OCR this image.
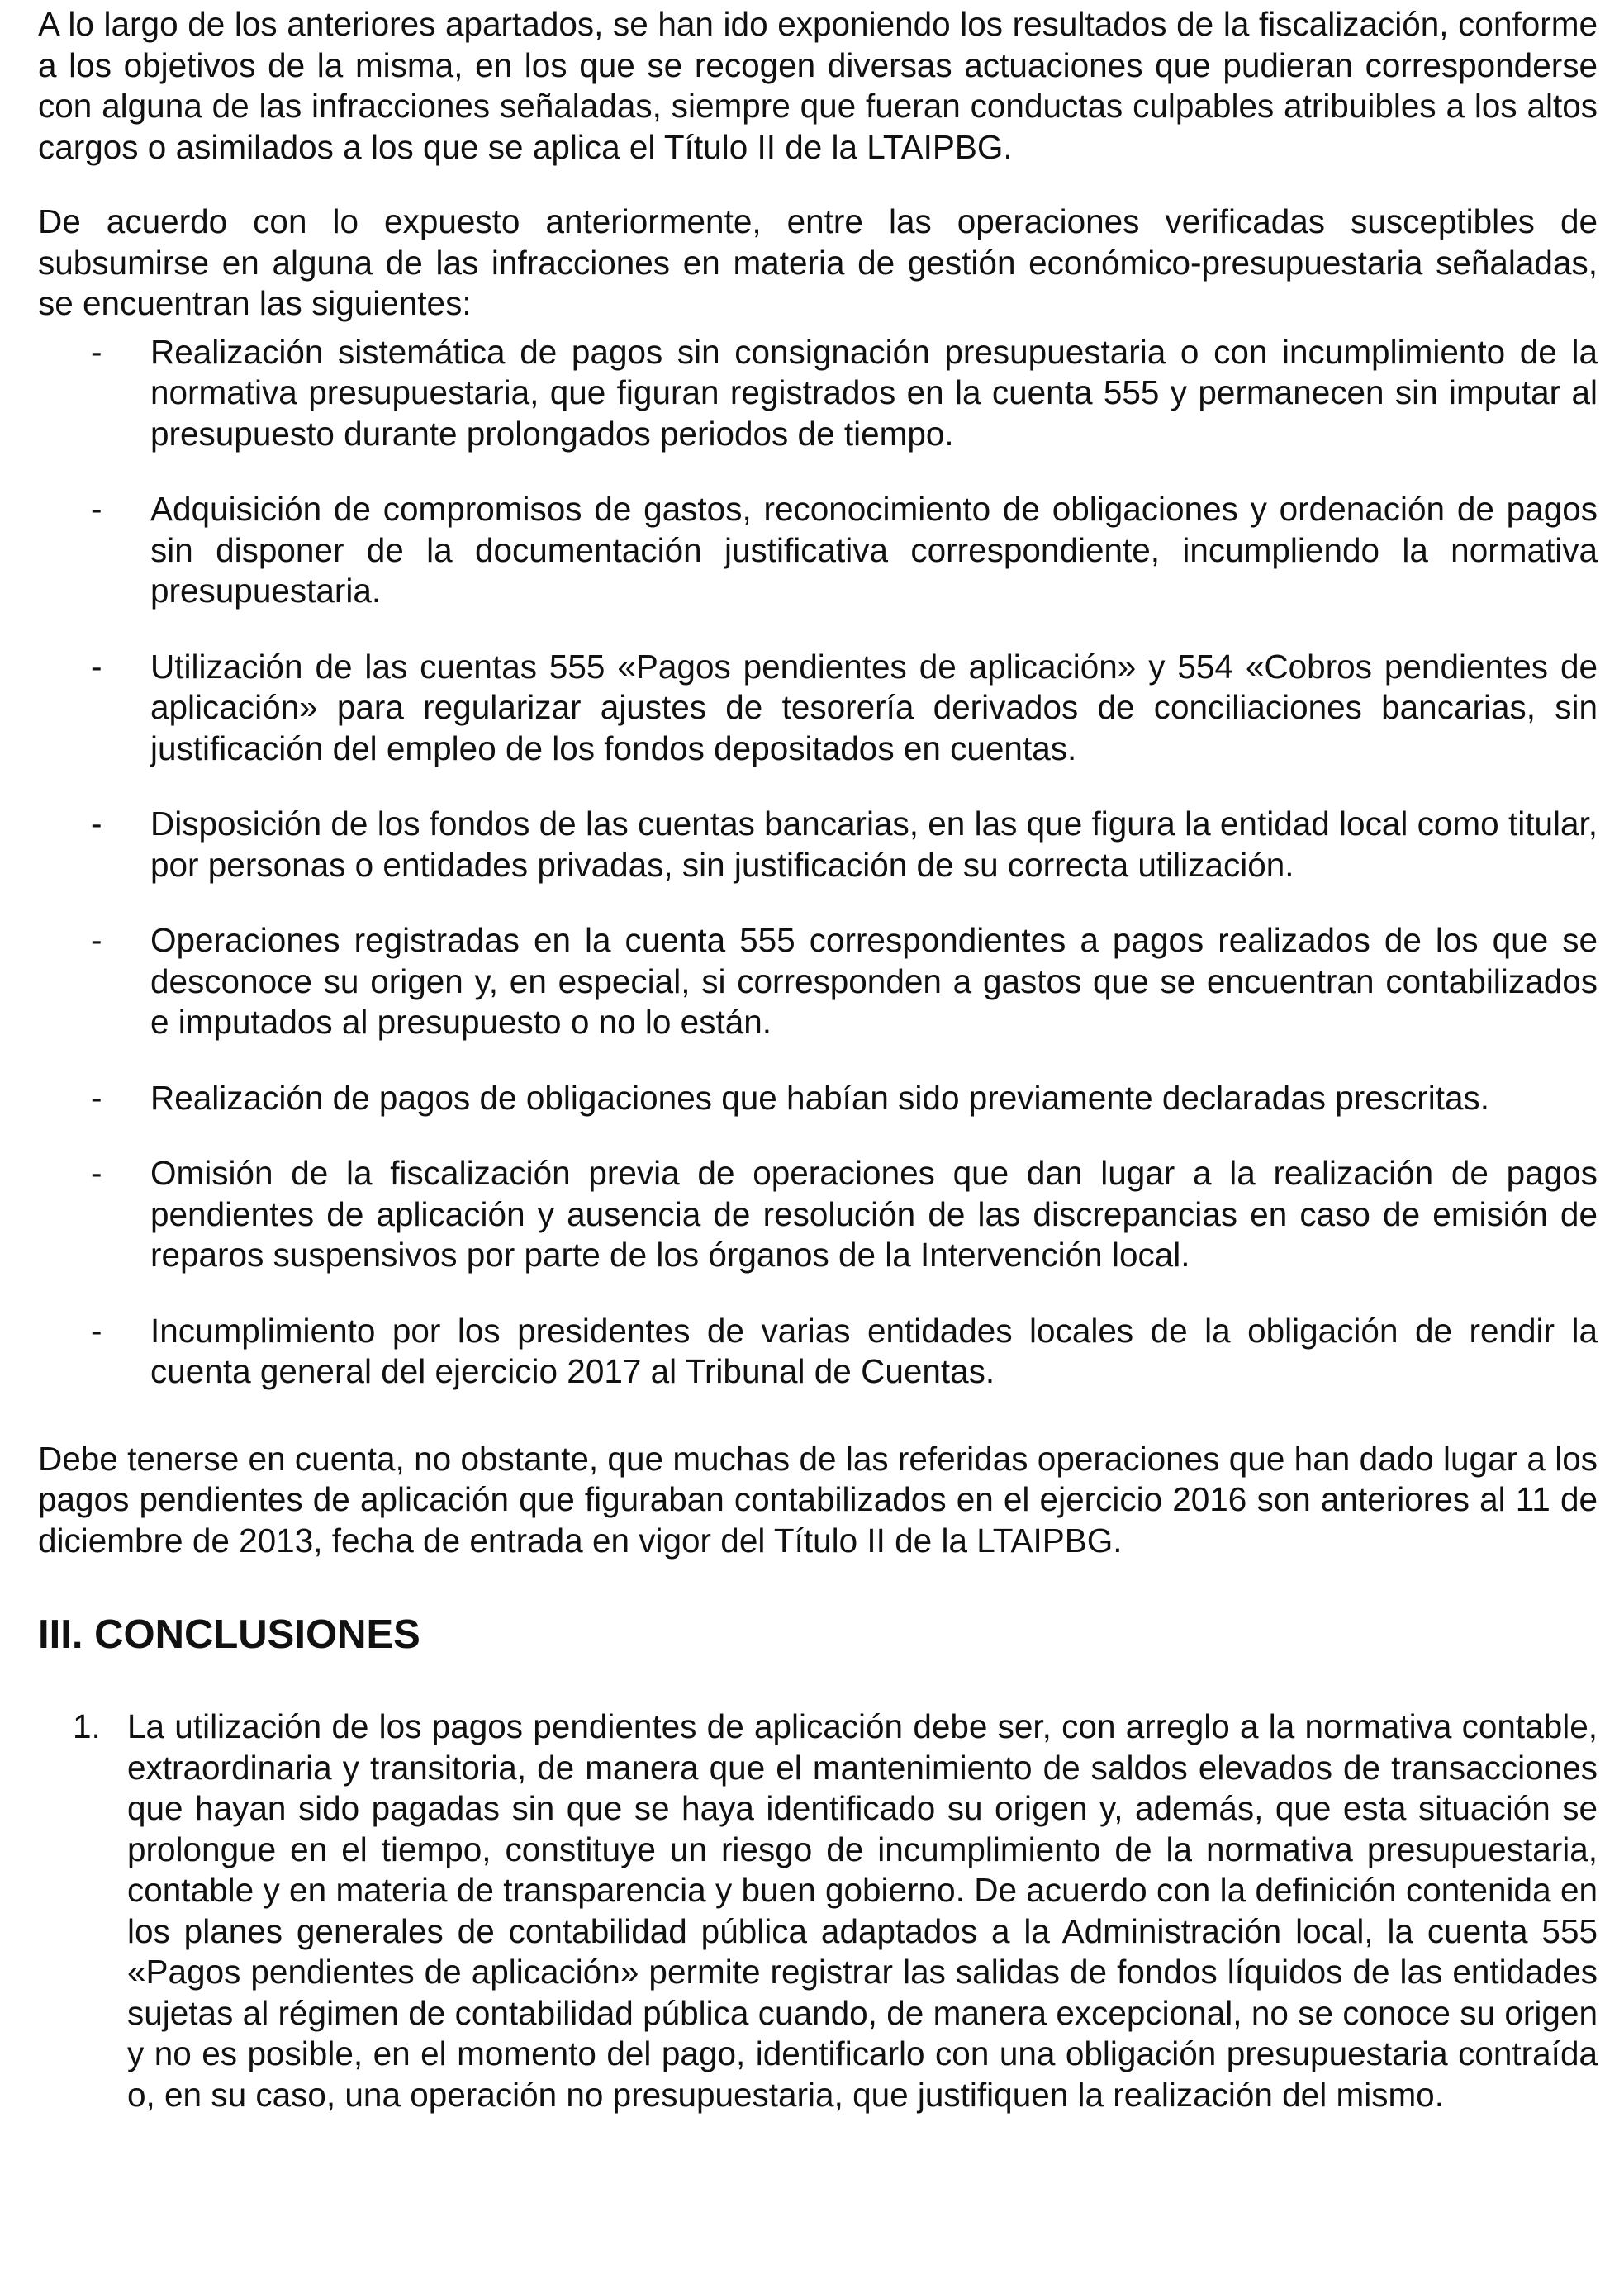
A lo largo de los anteriores apartados, se han ido exponiendo los resultados de la fiscalización, conforme a los objetivos de la misma, en los que se recogen diversas actuaciones que pudieran corresponderse con alguna de las infracciones señaladas, siempre que fueran conductas culpables atribuibles a los altos cargos o asimilados a los que se aplica el Título II de la LTAIPBG.

De acuerdo con lo expuesto anteriormente, entre las operaciones verificadas susceptibles de subsumirse en alguna de las infracciones en materia de gestión económico-presupuestaria señaladas, se encuentran las siguientes:

- Realización sistemática de pagos sin consignación presupuestaria o con incumplimiento de la normativa presupuestaria, que figuran registrados en la cuenta 555 y permanecen sin imputar al presupuesto durante prolongados periodos de tiempo.
- Adquisición de compromisos de gastos, reconocimiento de obligaciones y ordenación de pagos sin disponer de la documentación justificativa correspondiente, incumpliendo la normativa presupuestaria.
- Utilización de las cuentas 555 «Pagos pendientes de aplicación» y 554 «Cobros pendientes de aplicación» para regularizar ajustes de tesorería derivados de conciliaciones bancarias, sin justificación del empleo de los fondos depositados en cuentas.
- Disposición de los fondos de las cuentas bancarias, en las que figura la entidad local como titular, por personas o entidades privadas, sin justificación de su correcta utilización.
- Operaciones registradas en la cuenta 555 correspondientes a pagos realizados de los que se desconoce su origen y, en especial, si corresponden a gastos que se encuentran contabilizados e imputados al presupuesto o no lo están.
- Realización de pagos de obligaciones que habían sido previamente declaradas prescritas.
- Omisión de la fiscalización previa de operaciones que dan lugar a la realización de pagos pendientes de aplicación y ausencia de resolución de las discrepancias en caso de emisión de reparos suspensivos por parte de los órganos de la Intervención local.
- Incumplimiento por los presidentes de varias entidades locales de la obligación de rendir la cuenta general del ejercicio 2017 al Tribunal de Cuentas.

Debe tenerse en cuenta, no obstante, que muchas de las referidas operaciones que han dado lugar a los pagos pendientes de aplicación que figuraban contabilizados en el ejercicio 2016 son anteriores al 11 de diciembre de 2013, fecha de entrada en vigor del Título II de la LTAIPBG.

III. CONCLUSIONES
1. La utilización de los pagos pendientes de aplicación debe ser, con arreglo a la normativa contable, extraordinaria y transitoria, de manera que el mantenimiento de saldos elevados de transacciones que hayan sido pagadas sin que se haya identificado su origen y, además, que esta situación se prolongue en el tiempo, constituye un riesgo de incumplimiento de la normativa presupuestaria, contable y en materia de transparencia y buen gobierno. De acuerdo con la definición contenida en los planes generales de contabilidad pública adaptados a la Administración local, la cuenta 555 «Pagos pendientes de aplicación» permite registrar las salidas de fondos líquidos de las entidades sujetas al régimen de contabilidad pública cuando, de manera excepcional, no se conoce su origen y no es posible, en el momento del pago, identificarlo con una obligación presupuestaria contraída o, en su caso, una operación no presupuestaria, que justifiquen la realización del mismo.
